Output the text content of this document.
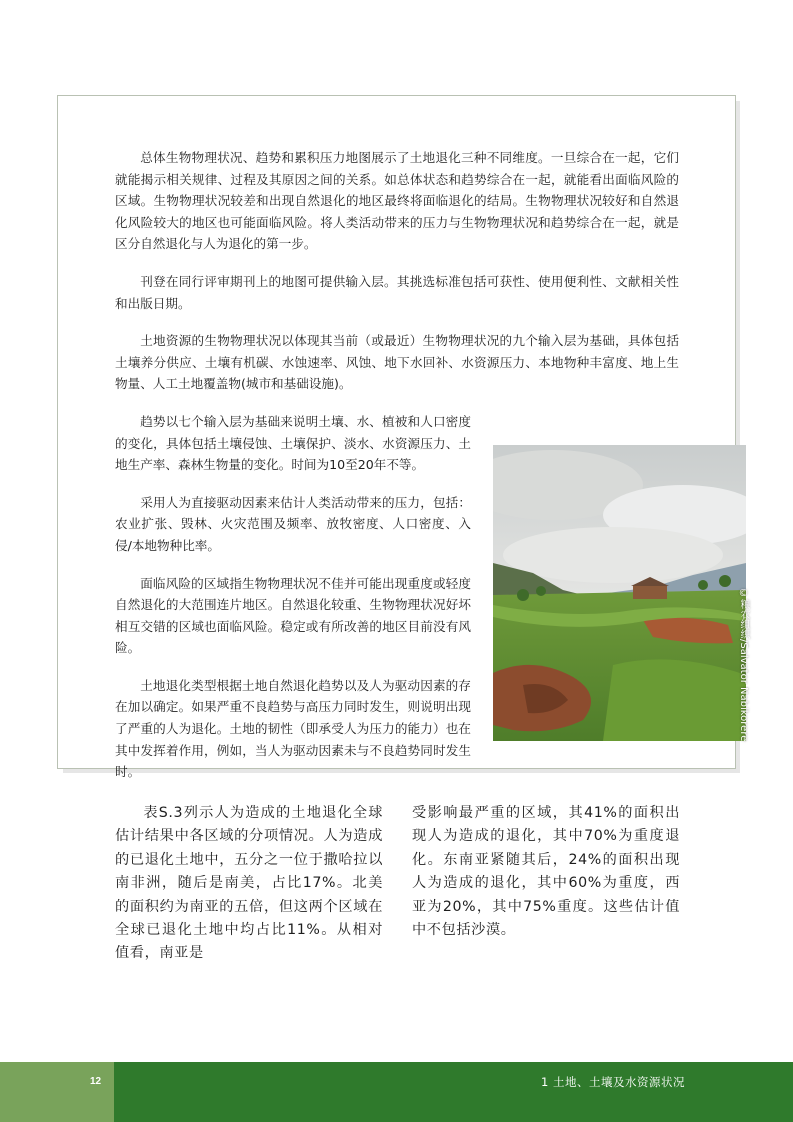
总体生物物理状况、趋势和累积压力地图展示了土地退化三种不同维度。一旦综合在一起，它们就能揭示相关规律、过程及其原因之间的关系。如总体状态和趋势综合在一起，就能看出面临风险的区域。生物物理状况较差和出现自然退化的地区最终将面临退化的结局。生物物理状况较好和自然退化风险较大的地区也可能面临风险。将人类活动带来的压力与生物物理状况和趋势综合在一起，就是区分自然退化与人为退化的第一步。

刊登在同行评审期刊上的地图可提供输入层。其挑选标准包括可获性、使用便利性、文献相关性和出版日期。

土地资源的生物物理状况以体现其当前（或最近）生物物理状况的九个输入层为基础，具体包括土壤养分供应、土壤有机碳、水蚀速率、风蚀、地下水回补、水资源压力、本地物种丰富度、地上生物量、人工土地覆盖物(城市和基础设施)。

趋势以七个输入层为基础来说明土壤、水、植被和人口密度的变化，具体包括土壤侵蚀、土壤保护、淡水、水资源压力、土地生产率、森林生物量的变化。时间为10至20年不等。

采用人为直接驱动因素来估计人类活动带来的压力，包括：农业扩张、毁林、火灾范围及频率、放牧密度、人口密度、入侵/本地物种比率。

面临风险的区域指生物物理状况不佳并可能出现重度或轻度自然退化的大范围连片地区。自然退化较重、生物物理状况好坏相互交错的区域也面临风险。稳定或有所改善的地区目前没有风险。

土地退化类型根据土地自然退化趋势以及人为驱动因素的存在加以确定。如果严重不良趋势与高压力同时发生，则说明出现了严重的人为退化。土地的韧性（即承受人为压力的能力）也在其中发挥着作用，例如，当人为驱动因素未与不良趋势同时发生时。

©粮农组织/Salvator Nabikorere
表S.3列示人为造成的土地退化全球估计结果中各区域的分项情况。人为造成的已退化土地中，五分之一位于撒哈拉以南非洲，随后是南美，占比17%。北美的面积约为南亚的五倍，但这两个区域在全球已退化土地中均占比11%。从相对值看，南亚是
受影响最严重的区域，其41%的面积出现人为造成的退化，其中70%为重度退化。东南亚紧随其后，24%的面积出现人为造成的退化，其中60%为重度，西亚为20%，其中75%重度。这些估计值中不包括沙漠。
12	1 土地、土壤及水资源状况
